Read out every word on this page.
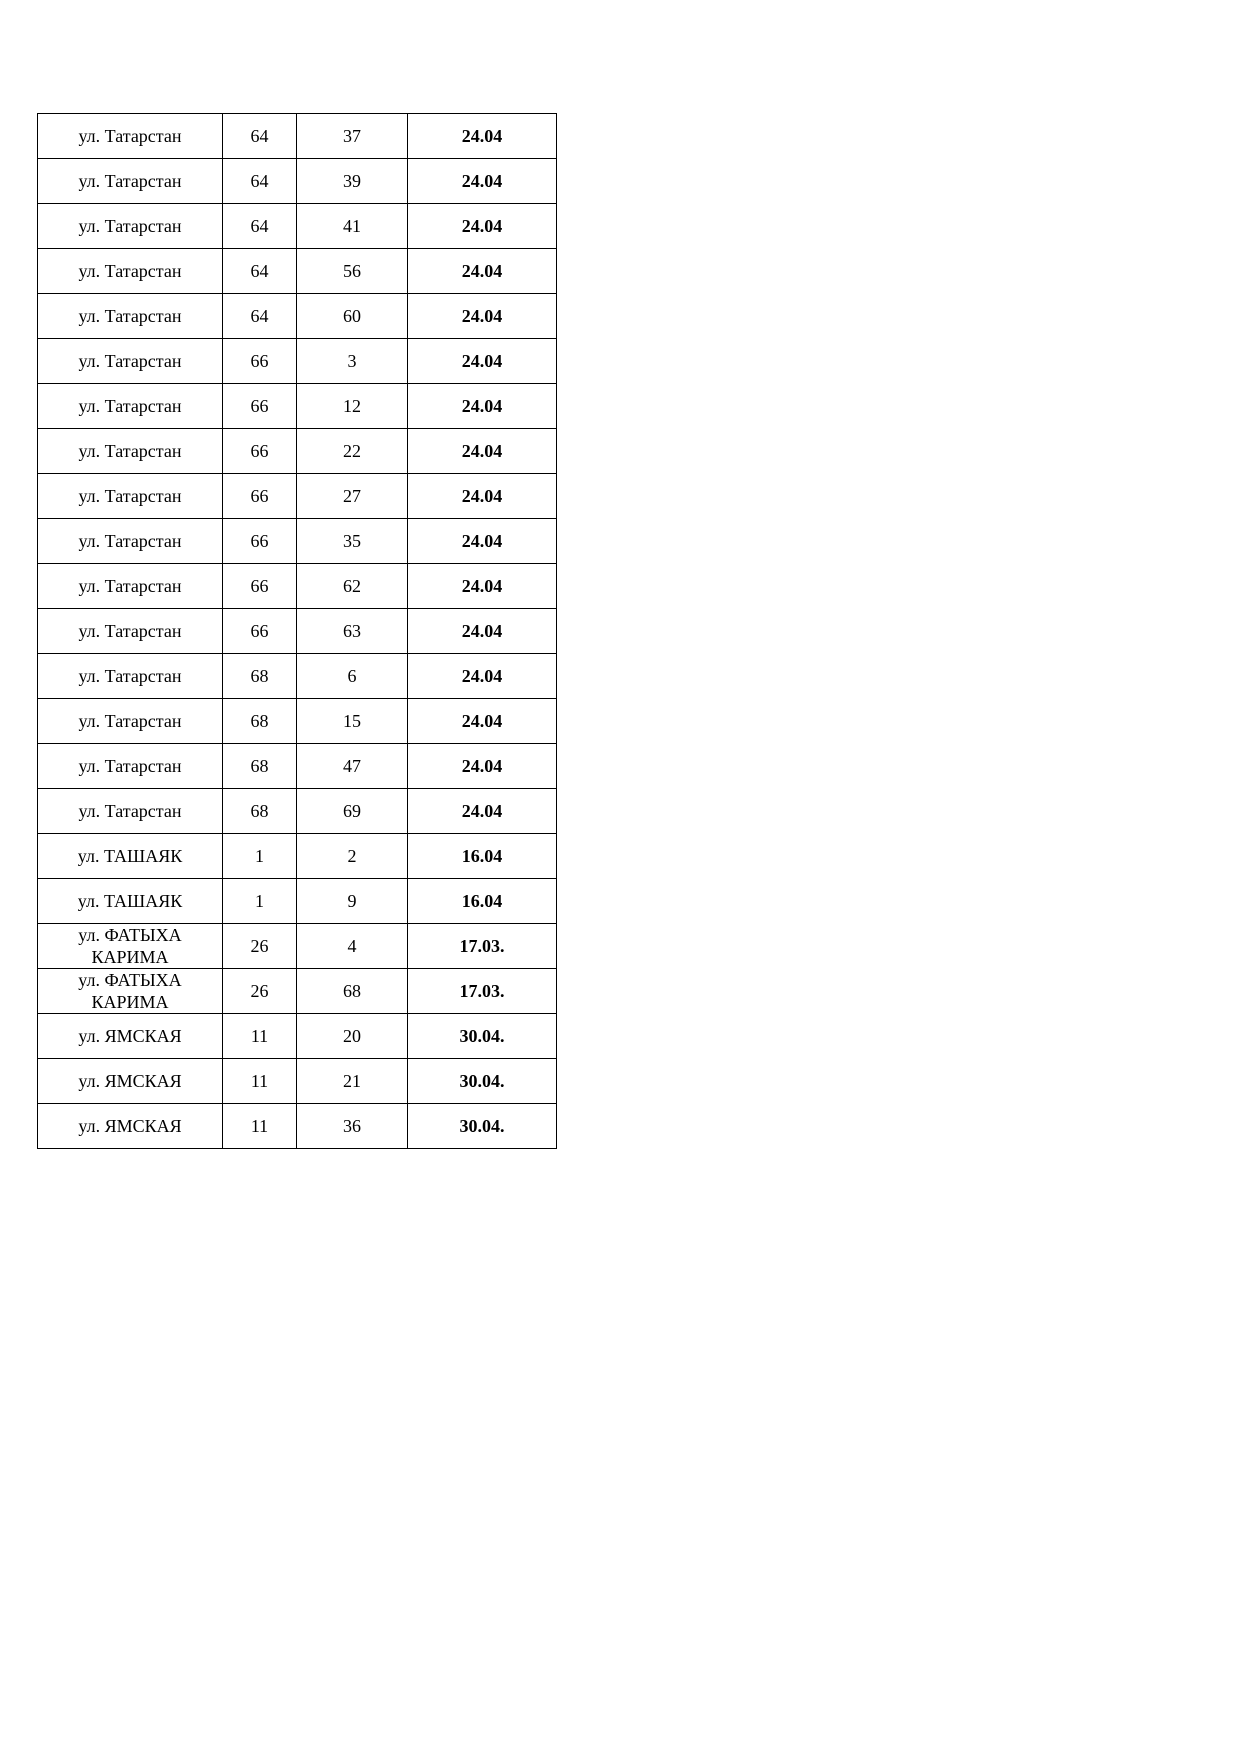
ул. Татарстан	64	37	24.04
ул. Татарстан	64	39	24.04
ул. Татарстан	64	41	24.04
ул. Татарстан	64	56	24.04
ул. Татарстан	64	60	24.04
ул. Татарстан	66	3	24.04
ул. Татарстан	66	12	24.04
ул. Татарстан	66	22	24.04
ул. Татарстан	66	27	24.04
ул. Татарстан	66	35	24.04
ул. Татарстан	66	62	24.04
ул. Татарстан	66	63	24.04
ул. Татарстан	68	6	24.04
ул. Татарстан	68	15	24.04
ул. Татарстан	68	47	24.04
ул. Татарстан	68	69	24.04
ул. ТАШАЯК	1	2	16.04
ул. ТАШАЯК	1	9	16.04
ул. ФАТЫХА КАРИМА	26	4	17.03.
ул. ФАТЫХА КАРИМА	26	68	17.03.
ул. ЯМСКАЯ	11	20	30.04.
ул. ЯМСКАЯ	11	21	30.04.
ул. ЯМСКАЯ	11	36	30.04.
